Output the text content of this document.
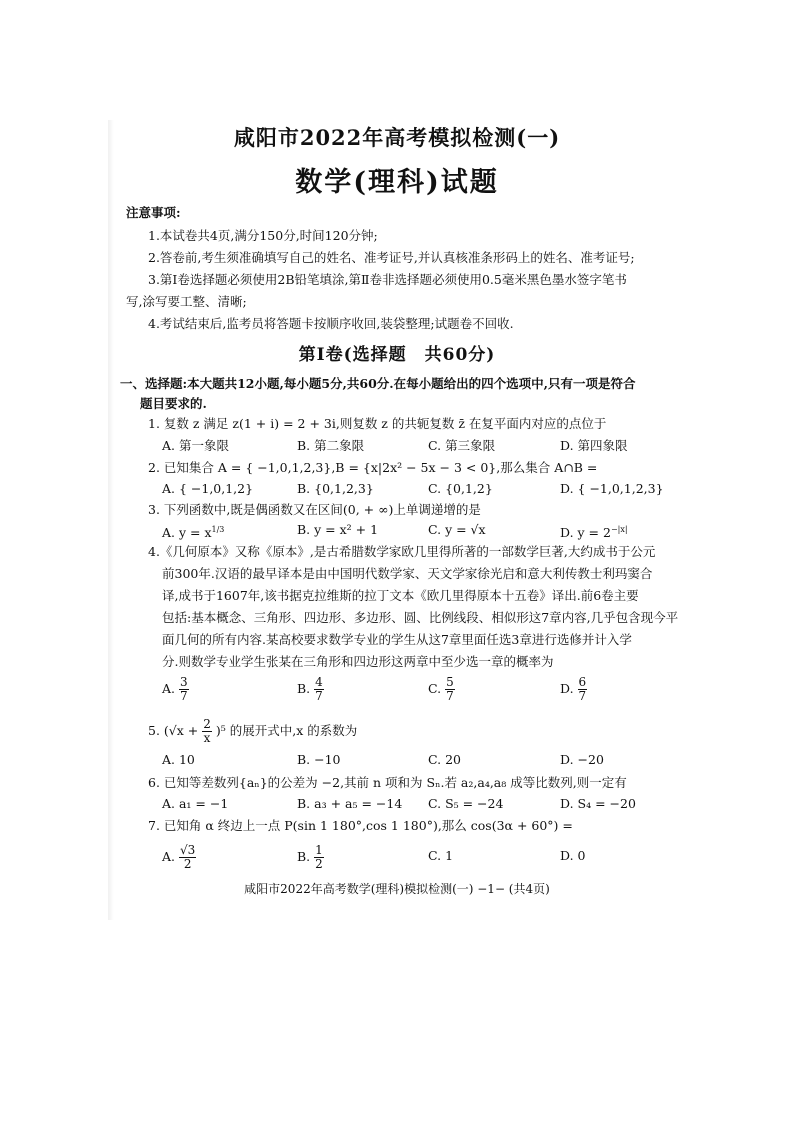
咸阳市2022年高考模拟检测(一)
数学(理科)试题
注意事项:
1.本试卷共4页,满分150分,时间120分钟;
2.答卷前,考生须准确填写自己的姓名、准考证号,并认真核准条形码上的姓名、准考证号;
3.第Ⅰ卷选择题必须使用2B铅笔填涂,第Ⅱ卷非选择题必须使用0.5毫米黑色墨水签字笔书
写,涂写要工整、清晰;
4.考试结束后,监考员将答题卡按顺序收回,装袋整理;试题卷不回收.
第Ⅰ卷(选择题　共60分)
一、选择题:本大题共12小题,每小题5分,共60分.在每小题给出的四个选项中,只有一项是符合
题目要求的.
1. 复数 z 满足 z(1 + i) = 2 + 3i,则复数 z 的共轭复数 z̄ 在复平面内对应的点位于
A. 第一象限	B. 第二象限	C. 第三象限	D. 第四象限
2. 已知集合 A = { −1,0,1,2,3},B = {x|2x² − 5x − 3 < 0},那么集合 A∩B =
A. { −1,0,1,2}	B. {0,1,2,3}	C. {0,1,2}	D. { −1,0,1,2,3}
3. 下列函数中,既是偶函数又在区间(0, + ∞)上单调递增的是
A. $y = x^{1/3}$	B. y = x² + 1	C. y = √x	D. $y = 2^{-|x|}$
4.《几何原本》又称《原本》,是古希腊数学家欧几里得所著的一部数学巨著,大约成书于公元
前300年.汉语的最早译本是由中国明代数学家、天文学家徐光启和意大利传教士利玛窦合
译,成书于1607年,该书据克拉维斯的拉丁文本《欧几里得原本十五卷》译出.前6卷主要
包括:基本概念、三角形、四边形、多边形、圆、比例线段、相似形这7章内容,几乎包含现今平
面几何的所有内容.某高校要求数学专业的学生从这7章里面任选3章进行选修并计入学
分.则数学专业学生张某在三角形和四边形这两章中至少选一章的概率为
A. $\frac{3}{7}$	B. $\frac{4}{7}$	C. $\frac{5}{7}$	D. $\frac{6}{7}$
5. $(√x + \frac{2}{x} )^5$ 的展开式中,x 的系数为
A. 10	B. −10	C. 20	D. −20
6. 已知等差数列{aₙ}的公差为 −2,其前 n 项和为 Sₙ.若 a₂,a₄,a₈ 成等比数列,则一定有
A. a₁ = −1	B. a₃ + a₅ = −14 C. S₅ = −24	D. S₄ = −20
7. 已知角 α 终边上一点 P(sin 1 180°,cos 1 180°),那么 cos(3α + 60°) =
A. $\frac{√3}{2}$	B. $\frac{1}{2}$	C. 1	D. 0
咸阳市2022年高考数学(理科)模拟检测(一) −1− (共4页)
